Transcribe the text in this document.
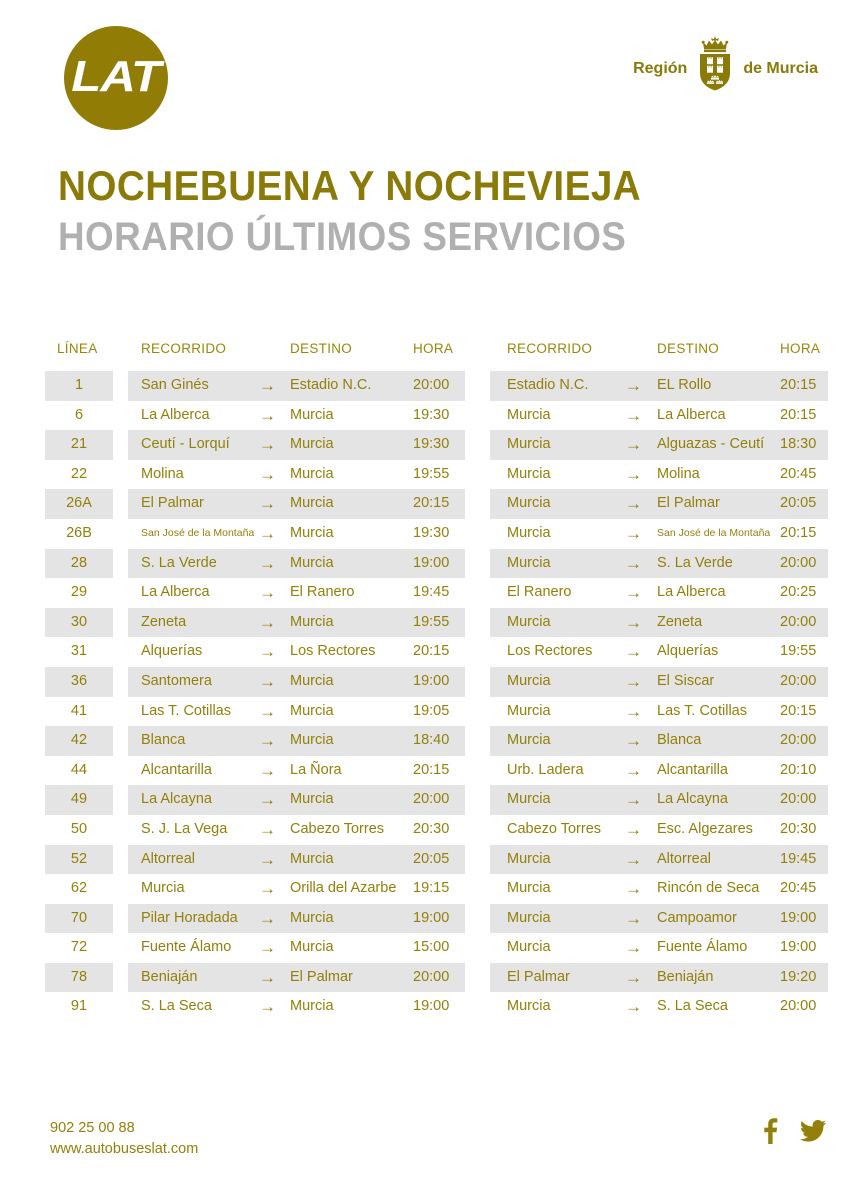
LAT	Región	de Murcia
NOCHEBUENA Y NOCHEVIEJA
HORARIO ÚLTIMOS SERVICIOS
LÍNEA	RECORRIDO	DESTINO	HORA	RECORRIDO	DESTINO	HORA
1	San Ginés	→ Estadio N.C.	20:00	Estadio N.C. → EL Rollo	20:15
6	La Alberca	→ Murcia	19:30	Murcia	→ La Alberca	20:15
21	Ceutí - Lorquí → Murcia	19:30	Murcia	→ Alguazas - Ceutí 18:30
22	Molina	→ Murcia	19:55	Murcia	→ Molina	20:45
26A	El Palmar	→ Murcia	20:15	Murcia	→ El Palmar	20:05
26B	San José de la Montaña → Murcia	19:30	Murcia	→ San José de la Montaña 20:15
28	S. La Verde → Murcia	19:00	Murcia	→ S. La Verde	20:00
29	La Alberca	→ El Ranero	19:45	El Ranero	→ La Alberca	20:25
30	Zeneta	→ Murcia	19:55	Murcia	→ Zeneta	20:00
31	Alquerías	→ Los Rectores	20:15	Los Rectores → Alquerías	19:55
36	Santomera	→ Murcia	19:00	Murcia	→ El Siscar	20:00
41	Las T. Cotillas → Murcia	19:05	Murcia	→ Las T. Cotillas 20:15
42	Blanca	→ Murcia	18:40	Murcia	→ Blanca	20:00
44	Alcantarilla	→ La Ñora	20:15	Urb. Ladera → Alcantarilla	20:10
49	La Alcayna	→ Murcia	20:00	Murcia	→ La Alcayna	20:00
50	S. J. La Vega → Cabezo Torres 20:30	Cabezo Torres → Esc. Algezares 20:30
52	Altorreal	→ Murcia	20:05	Murcia	→ Altorreal	19:45
62	Murcia	→ Orilla del Azarbe 19:15	Murcia	→ Rincón de Seca 20:45
70	Pilar Horadada → Murcia	19:00	Murcia	→ Campoamor	19:00
72	Fuente Álamo → Murcia	15:00	Murcia	→ Fuente Álamo 19:00
78	Beniaján	→ El Palmar	20:00	El Palmar	→ Beniaján	19:20
91	S. La Seca	→ Murcia	19:00	Murcia	→ S. La Seca	20:00
902 25 00 88
www.autobuseslat.com
